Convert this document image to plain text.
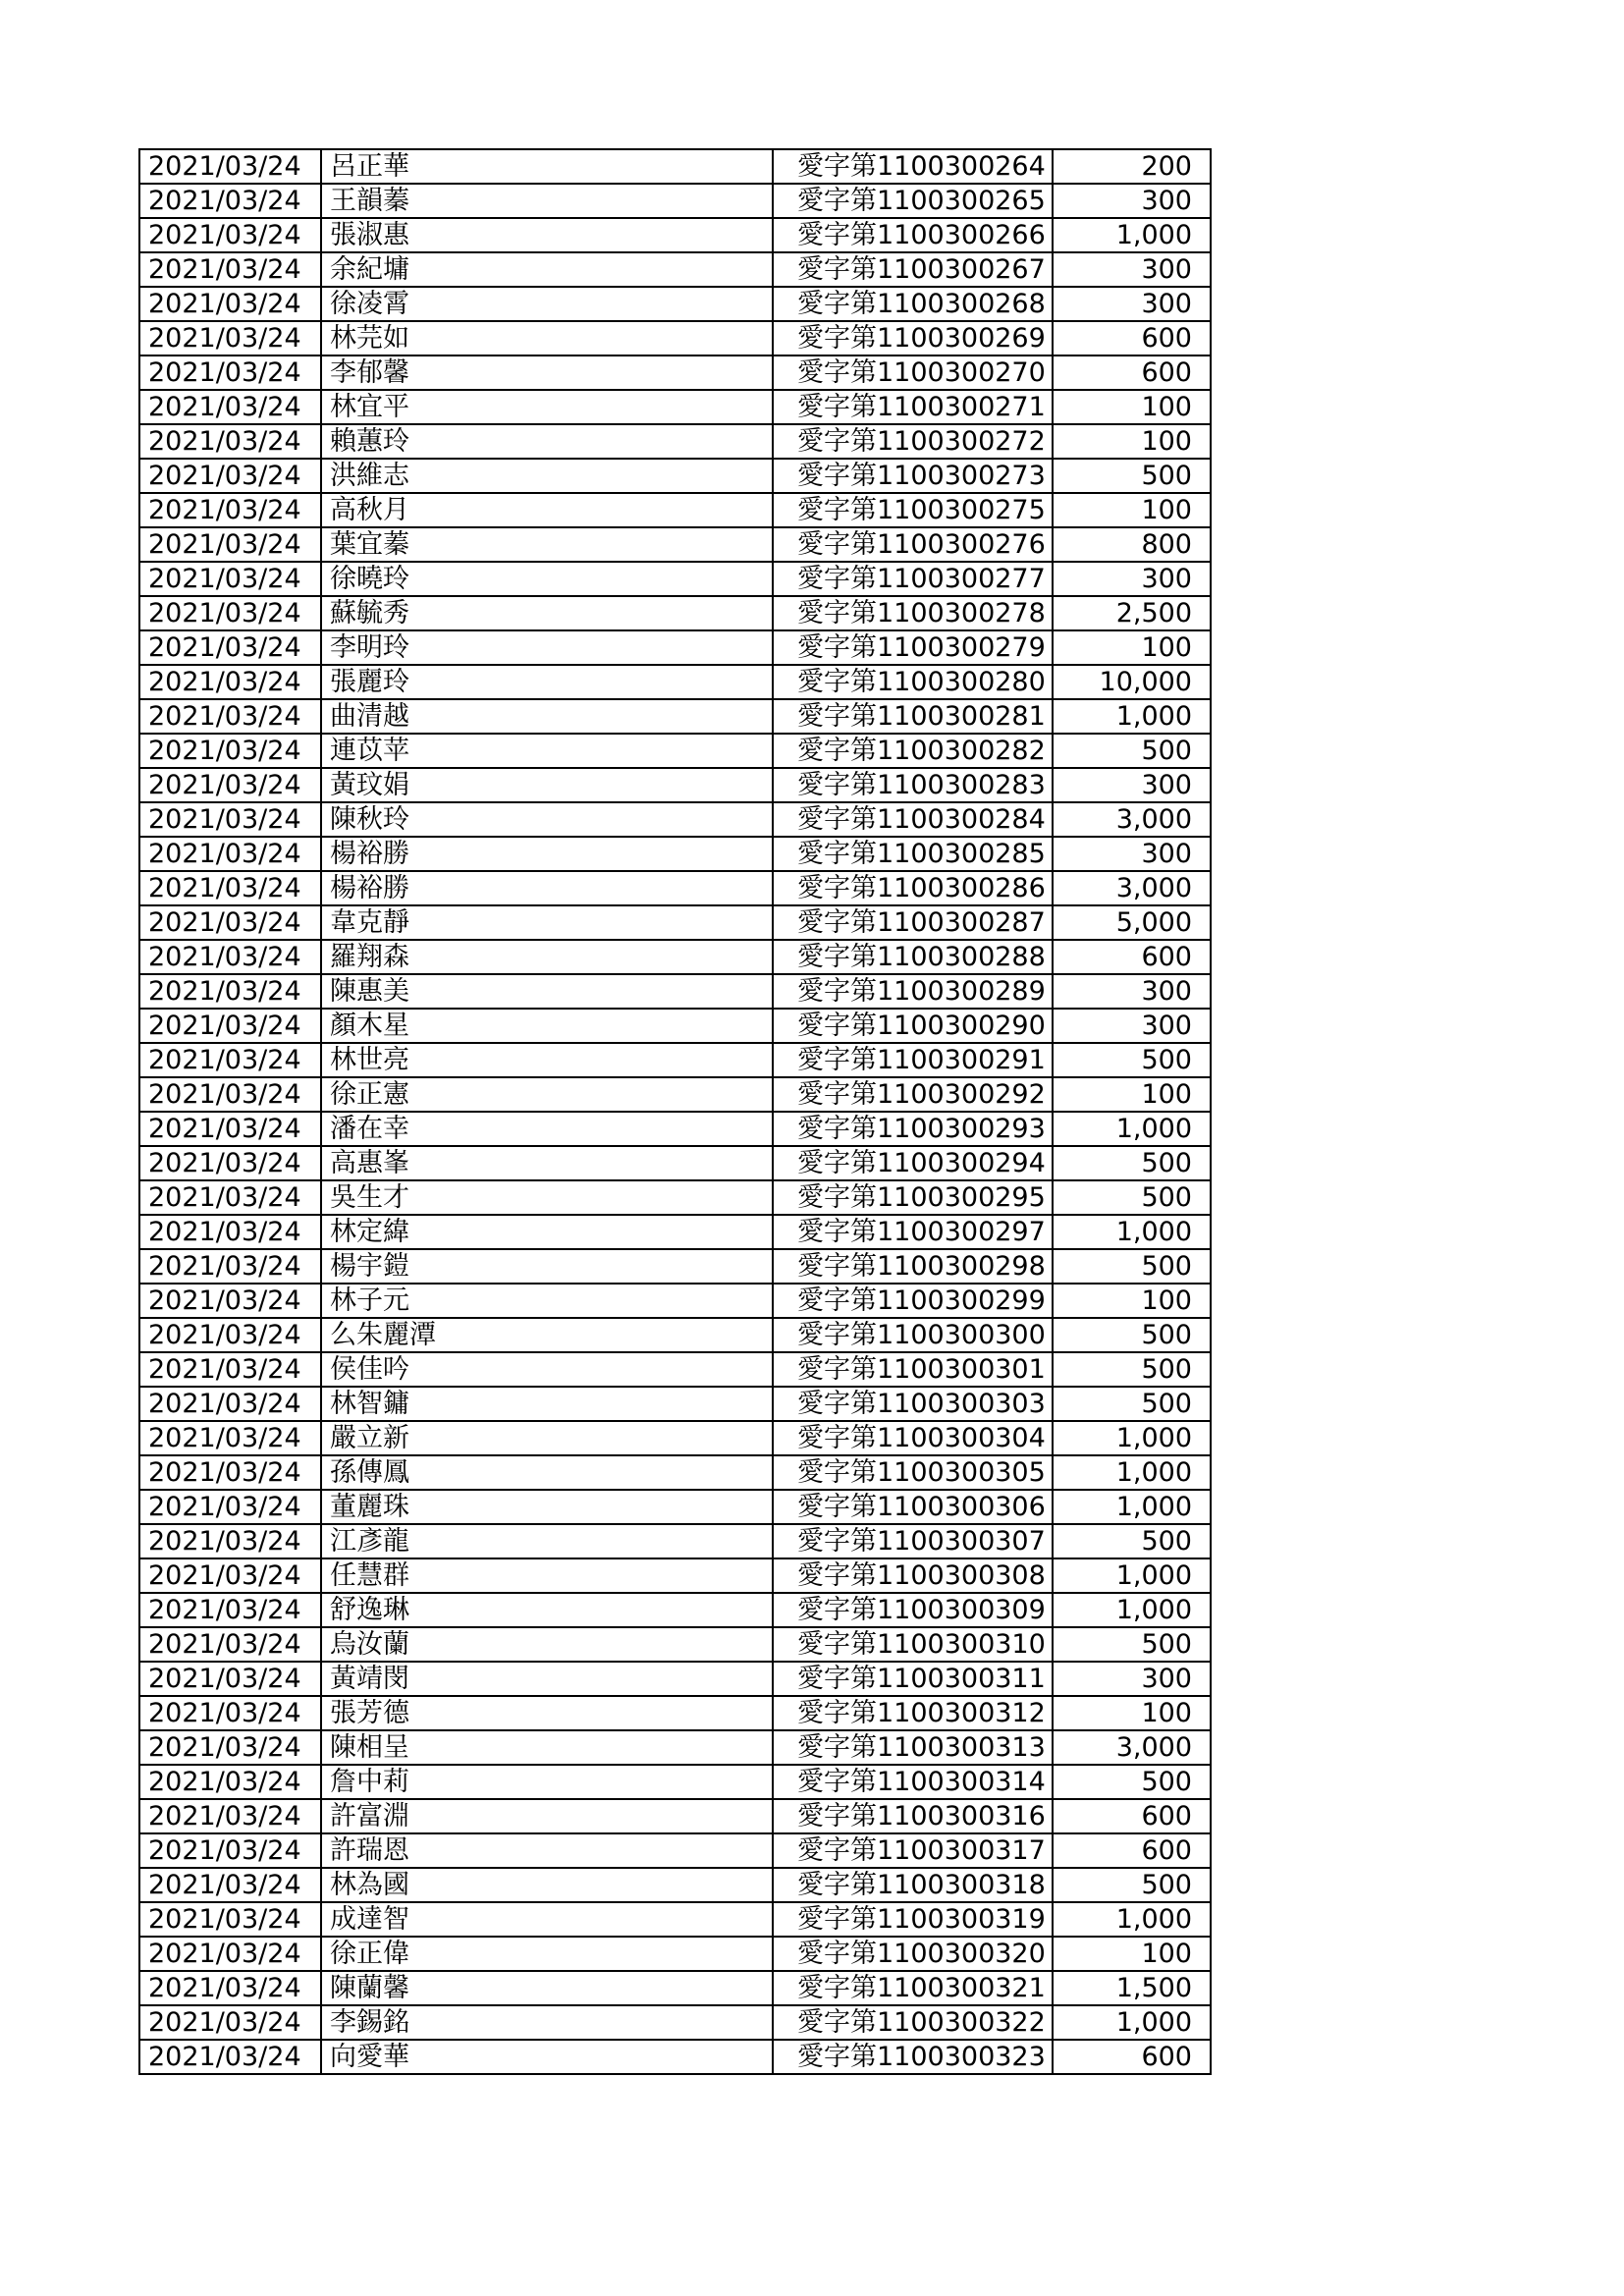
2021/03/24	呂正華	愛字第1100300264	200
2021/03/24	王韻蓁	愛字第1100300265	300
2021/03/24	張淑惠	愛字第1100300266	1,000
2021/03/24	余紀墉	愛字第1100300267	300
2021/03/24	徐凌霄	愛字第1100300268	300
2021/03/24	林芫如	愛字第1100300269	600
2021/03/24	李郁馨	愛字第1100300270	600
2021/03/24	林宜平	愛字第1100300271	100
2021/03/24	賴蕙玲	愛字第1100300272	100
2021/03/24	洪維志	愛字第1100300273	500
2021/03/24	高秋月	愛字第1100300275	100
2021/03/24	葉宜蓁	愛字第1100300276	800
2021/03/24	徐曉玲	愛字第1100300277	300
2021/03/24	蘇毓秀	愛字第1100300278	2,500
2021/03/24	李明玲	愛字第1100300279	100
2021/03/24	張麗玲	愛字第1100300280	10,000
2021/03/24	曲清越	愛字第1100300281	1,000
2021/03/24	連苡苹	愛字第1100300282	500
2021/03/24	黃玟娟	愛字第1100300283	300
2021/03/24	陳秋玲	愛字第1100300284	3,000
2021/03/24	楊裕勝	愛字第1100300285	300
2021/03/24	楊裕勝	愛字第1100300286	3,000
2021/03/24	韋克靜	愛字第1100300287	5,000
2021/03/24	羅翔森	愛字第1100300288	600
2021/03/24	陳惠美	愛字第1100300289	300
2021/03/24	顏木星	愛字第1100300290	300
2021/03/24	林世亮	愛字第1100300291	500
2021/03/24	徐正憲	愛字第1100300292	100
2021/03/24	潘在幸	愛字第1100300293	1,000
2021/03/24	高惠峯	愛字第1100300294	500
2021/03/24	吳生才	愛字第1100300295	500
2021/03/24	林定緯	愛字第1100300297	1,000
2021/03/24	楊宇鎧	愛字第1100300298	500
2021/03/24	林子元	愛字第1100300299	100
2021/03/24	么朱麗潭	愛字第1100300300	500
2021/03/24	侯佳吟	愛字第1100300301	500
2021/03/24	林智鏞	愛字第1100300303	500
2021/03/24	嚴立新	愛字第1100300304	1,000
2021/03/24	孫傳鳳	愛字第1100300305	1,000
2021/03/24	董麗珠	愛字第1100300306	1,000
2021/03/24	江彥龍	愛字第1100300307	500
2021/03/24	任慧群	愛字第1100300308	1,000
2021/03/24	舒逸琳	愛字第1100300309	1,000
2021/03/24	烏汝蘭	愛字第1100300310	500
2021/03/24	黃靖閔	愛字第1100300311	300
2021/03/24	張芳德	愛字第1100300312	100
2021/03/24	陳相呈	愛字第1100300313	3,000
2021/03/24	詹中莉	愛字第1100300314	500
2021/03/24	許富淵	愛字第1100300316	600
2021/03/24	許瑞恩	愛字第1100300317	600
2021/03/24	林為國	愛字第1100300318	500
2021/03/24	成達智	愛字第1100300319	1,000
2021/03/24	徐正偉	愛字第1100300320	100
2021/03/24	陳蘭馨	愛字第1100300321	1,500
2021/03/24	李錫銘	愛字第1100300322	1,000
2021/03/24	向愛華	愛字第1100300323	600
